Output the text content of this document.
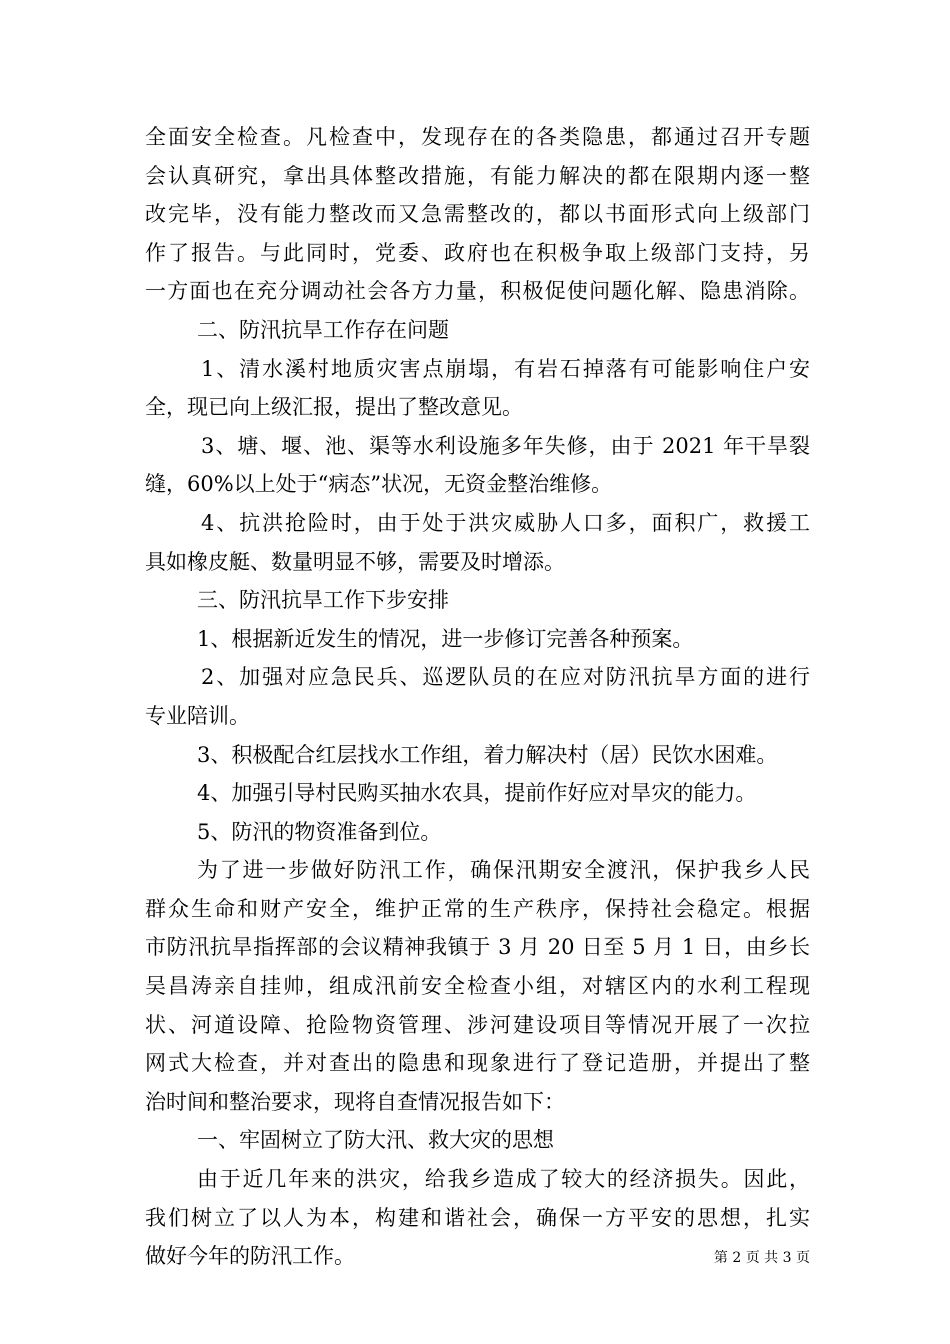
全面安全检查。凡检查中，发现存在的各类隐患，都通过召开专题
会认真研究，拿出具体整改措施，有能力解决的都在限期内逐一整
改完毕，没有能力整改而又急需整改的，都以书面形式向上级部门
作了报告。与此同时，党委、政府也在积极争取上级部门支持，另
一方面也在充分调动社会各方力量，积极促使问题化解、隐患消除。
二、防汛抗旱工作存在问题
1、清水溪村地质灾害点崩塌，有岩石掉落有可能影响住户安
全，现已向上级汇报，提出了整改意见。
3、塘、堰、池、渠等水利设施多年失修，由于 2021 年干旱裂
缝，60%以上处于“病态”状况，无资金整治维修。
4、抗洪抢险时，由于处于洪灾威胁人口多，面积广，救援工
具如橡皮艇、数量明显不够，需要及时增添。
三、防汛抗旱工作下步安排
1、根据新近发生的情况，进一步修订完善各种预案。
2、加强对应急民兵、巡逻队员的在应对防汛抗旱方面的进行
专业陪训。
3、积极配合红层找水工作组，着力解决村（居）民饮水困难。
4、加强引导村民购买抽水农具，提前作好应对旱灾的能力。
5、防汛的物资准备到位。
为了进一步做好防汛工作，确保汛期安全渡汛，保护我乡人民
群众生命和财产安全，维护正常的生产秩序，保持社会稳定。根据
市防汛抗旱指挥部的会议精神我镇于 3 月 20 日至 5 月 1 日，由乡长
吴昌涛亲自挂帅，组成汛前安全检查小组，对辖区内的水利工程现
状、河道设障、抢险物资管理、涉河建设项目等情况开展了一次拉
网式大检查，并对查出的隐患和现象进行了登记造册，并提出了整
治时间和整治要求，现将自查情况报告如下：
一、牢固树立了防大汛、救大灾的思想
由于近几年来的洪灾，给我乡造成了较大的经济损失。因此，
我们树立了以人为本，构建和谐社会，确保一方平安的思想，扎实
做好今年的防汛工作。	第 2 页 共 3 页
